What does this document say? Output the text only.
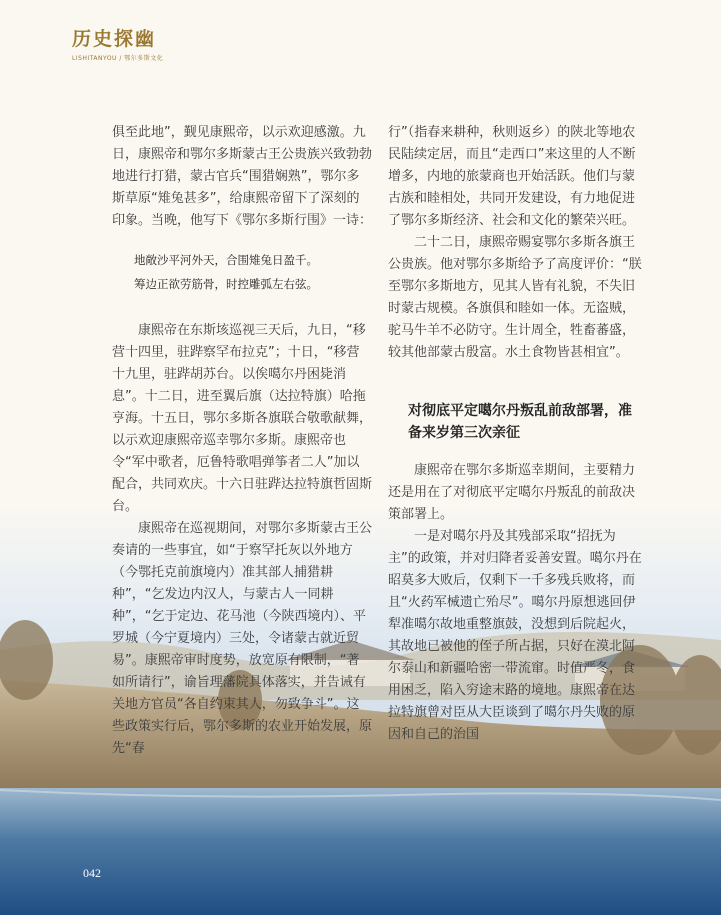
历史探幽
LISHITANYOU / 鄂尔多斯文化

俱至此地”，觐见康熙帝，以示欢迎感激。九日，康熙帝和鄂尔多斯蒙古王公贵族兴致勃勃地进行打猎，蒙古官兵“围猎娴熟”，鄂尔多斯草原“雉兔甚多”，给康熙帝留下了深刻的印象。当晚，他写下《鄂尔多斯行围》一诗：

地敞沙平河外天，合围雉兔日盈千。
筹边正欲劳筋骨，时控雕弧左右弦。

康熙帝在东斯垓巡视三天后，九日，“移营十四里，驻跸察罕布拉克”；十日，“移营十九里，驻跸胡苏台。以俟噶尔丹困毙消息”。十二日，进至翼后旗（达拉特旗）哈拖亨海。十五日，鄂尔多斯各旗联合敬歌献舞，以示欢迎康熙帝巡幸鄂尔多斯。康熙帝也令“军中歌者，厄鲁特歌唱弹筝者二人”加以配合，共同欢庆。十六日驻跸达拉特旗哲固斯台。

康熙帝在巡视期间，对鄂尔多斯蒙古王公奏请的一些事宜，如“于察罕托灰以外地方（今鄂托克前旗境内）准其部人捕猎耕种”，“乞发边内汉人，与蒙古人一同耕种”，“乞于定边、花马池（今陕西境内）、平罗城（今宁夏境内）三处，令诸蒙古就近贸易”。康熙帝审时度势，放宽原有限制，“著如所请行”，谕旨理藩院具体落实，并告诫有关地方官员“各自约束其人，勿致争斗”。这些政策实行后，鄂尔多斯的农业开始发展，原先“春

行”（指春来耕种，秋则返乡）的陕北等地农民陆续定居，而且“走西口”来这里的人不断增多，内地的旅蒙商也开始活跃。他们与蒙古族和睦相处，共同开发建设，有力地促进了鄂尔多斯经济、社会和文化的繁荣兴旺。

二十二日，康熙帝赐宴鄂尔多斯各旗王公贵族。他对鄂尔多斯给予了高度评价：“朕至鄂尔多斯地方，见其人皆有礼貌，不失旧时蒙古规模。各旗俱和睦如一体。无盗贼，驼马牛羊不必防守。生计周全，牲畜蕃盛，较其他部蒙古殷富。水土食物皆甚相宜”。

对彻底平定噶尔丹叛乱前敌部署，准备来岁第三次亲征

康熙帝在鄂尔多斯巡幸期间，主要精力还是用在了对彻底平定噶尔丹叛乱的前敌决策部署上。

一是对噶尔丹及其残部采取“招抚为主”的政策，并对归降者妥善安置。噶尔丹在昭莫多大败后，仅剩下一千多残兵败将，而且“火药军械遗亡殆尽”。噶尔丹原想逃回伊犁准噶尔故地重整旗鼓，没想到后院起火，其故地已被他的侄子所占据，只好在漠北阿尔泰山和新疆哈密一带流窜。时值严冬，食用困乏，陷入穷途末路的境地。康熙帝在达拉特旗曾对臣从大臣谈到了噶尔丹失败的原因和自己的治国

042
